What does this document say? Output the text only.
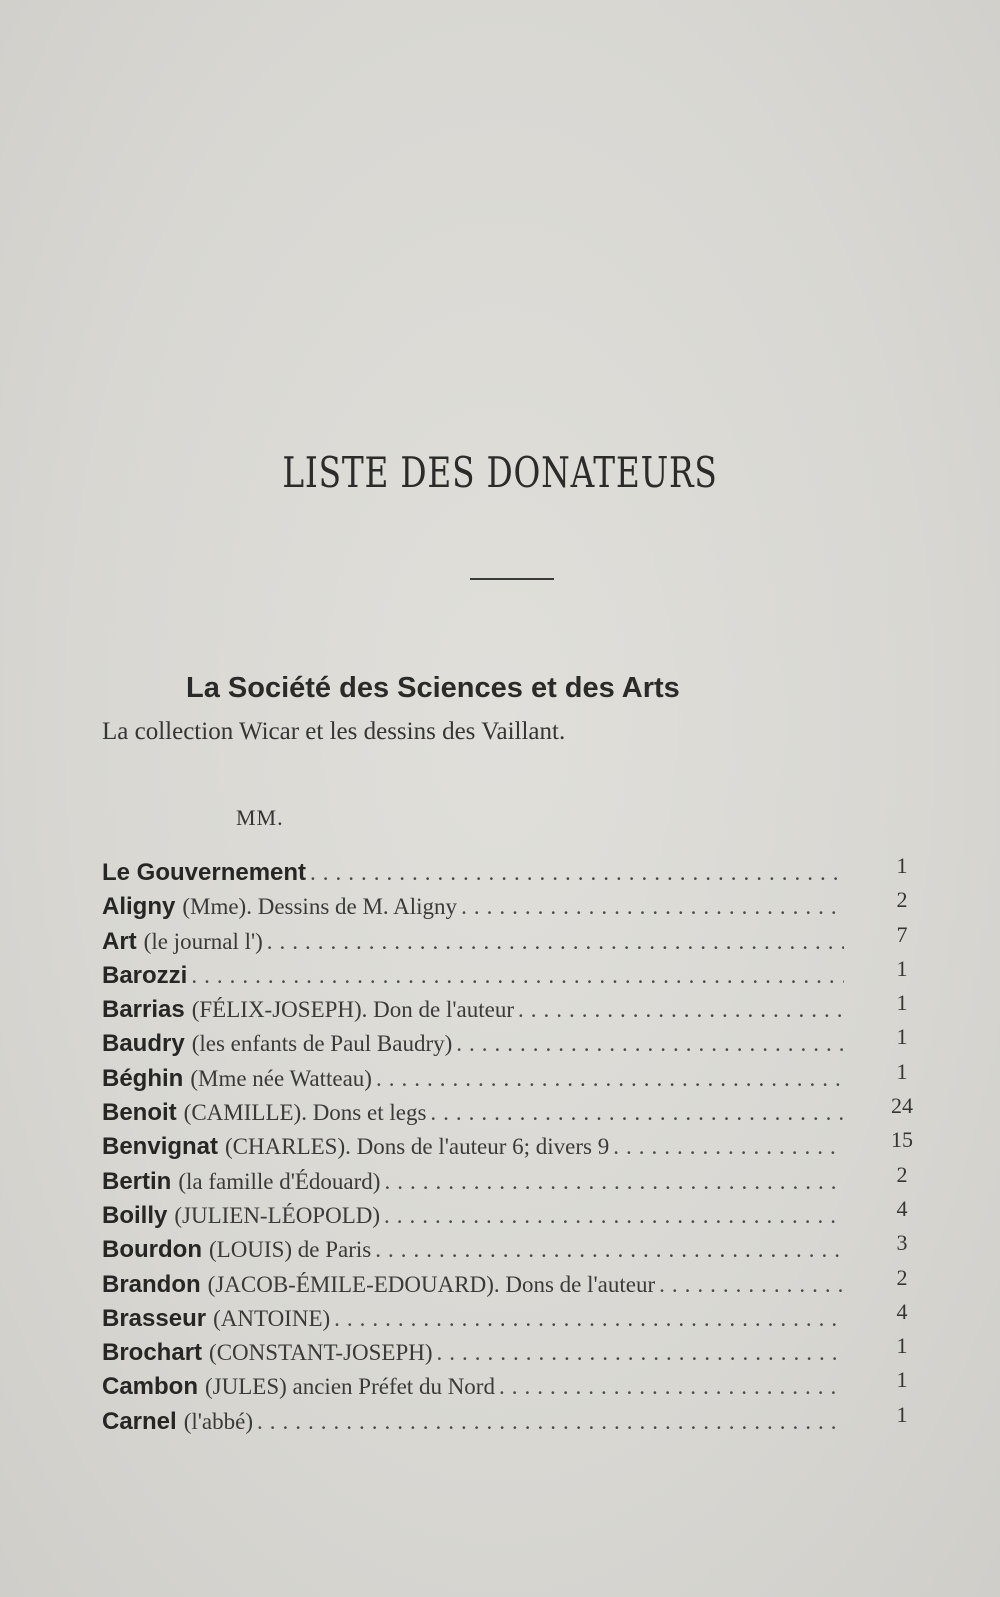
LISTE DES DONATEURS
La Société des Sciences et des Arts
La collection Wicar et les dessins des Vaillant.
MM.
Le Gouvernement .....	1
Aligny (Mme). Dessins de M. Aligny .....	2
Art (le journal l') .....	7
Barozzi .....	1
Barrias (FÉLIX-JOSEPH). Don de l'auteur .....	1
Baudry (les enfants de Paul Baudry) .....	1
Béghin (Mme née Watteau) .....	1
Benoit (CAMILLE). Dons et legs .....	24
Benvignat (CHARLES). Dons de l'auteur 6; divers 9 .....	15
Bertin (la famille d'Édouard) .....	2
Boilly (JULIEN-LÉOPOLD) .....	4
Bourdon (LOUIS) de Paris .....	3
Brandon (JACOB-ÉMILE-EDOUARD). Dons de l'auteur .....	2
Brasseur (ANTOINE) .....	4
Brochart (CONSTANT-JOSEPH) .....	1
Cambon (JULES) ancien Préfet du Nord .....	1
Carnel (l'abbé) .....	1
